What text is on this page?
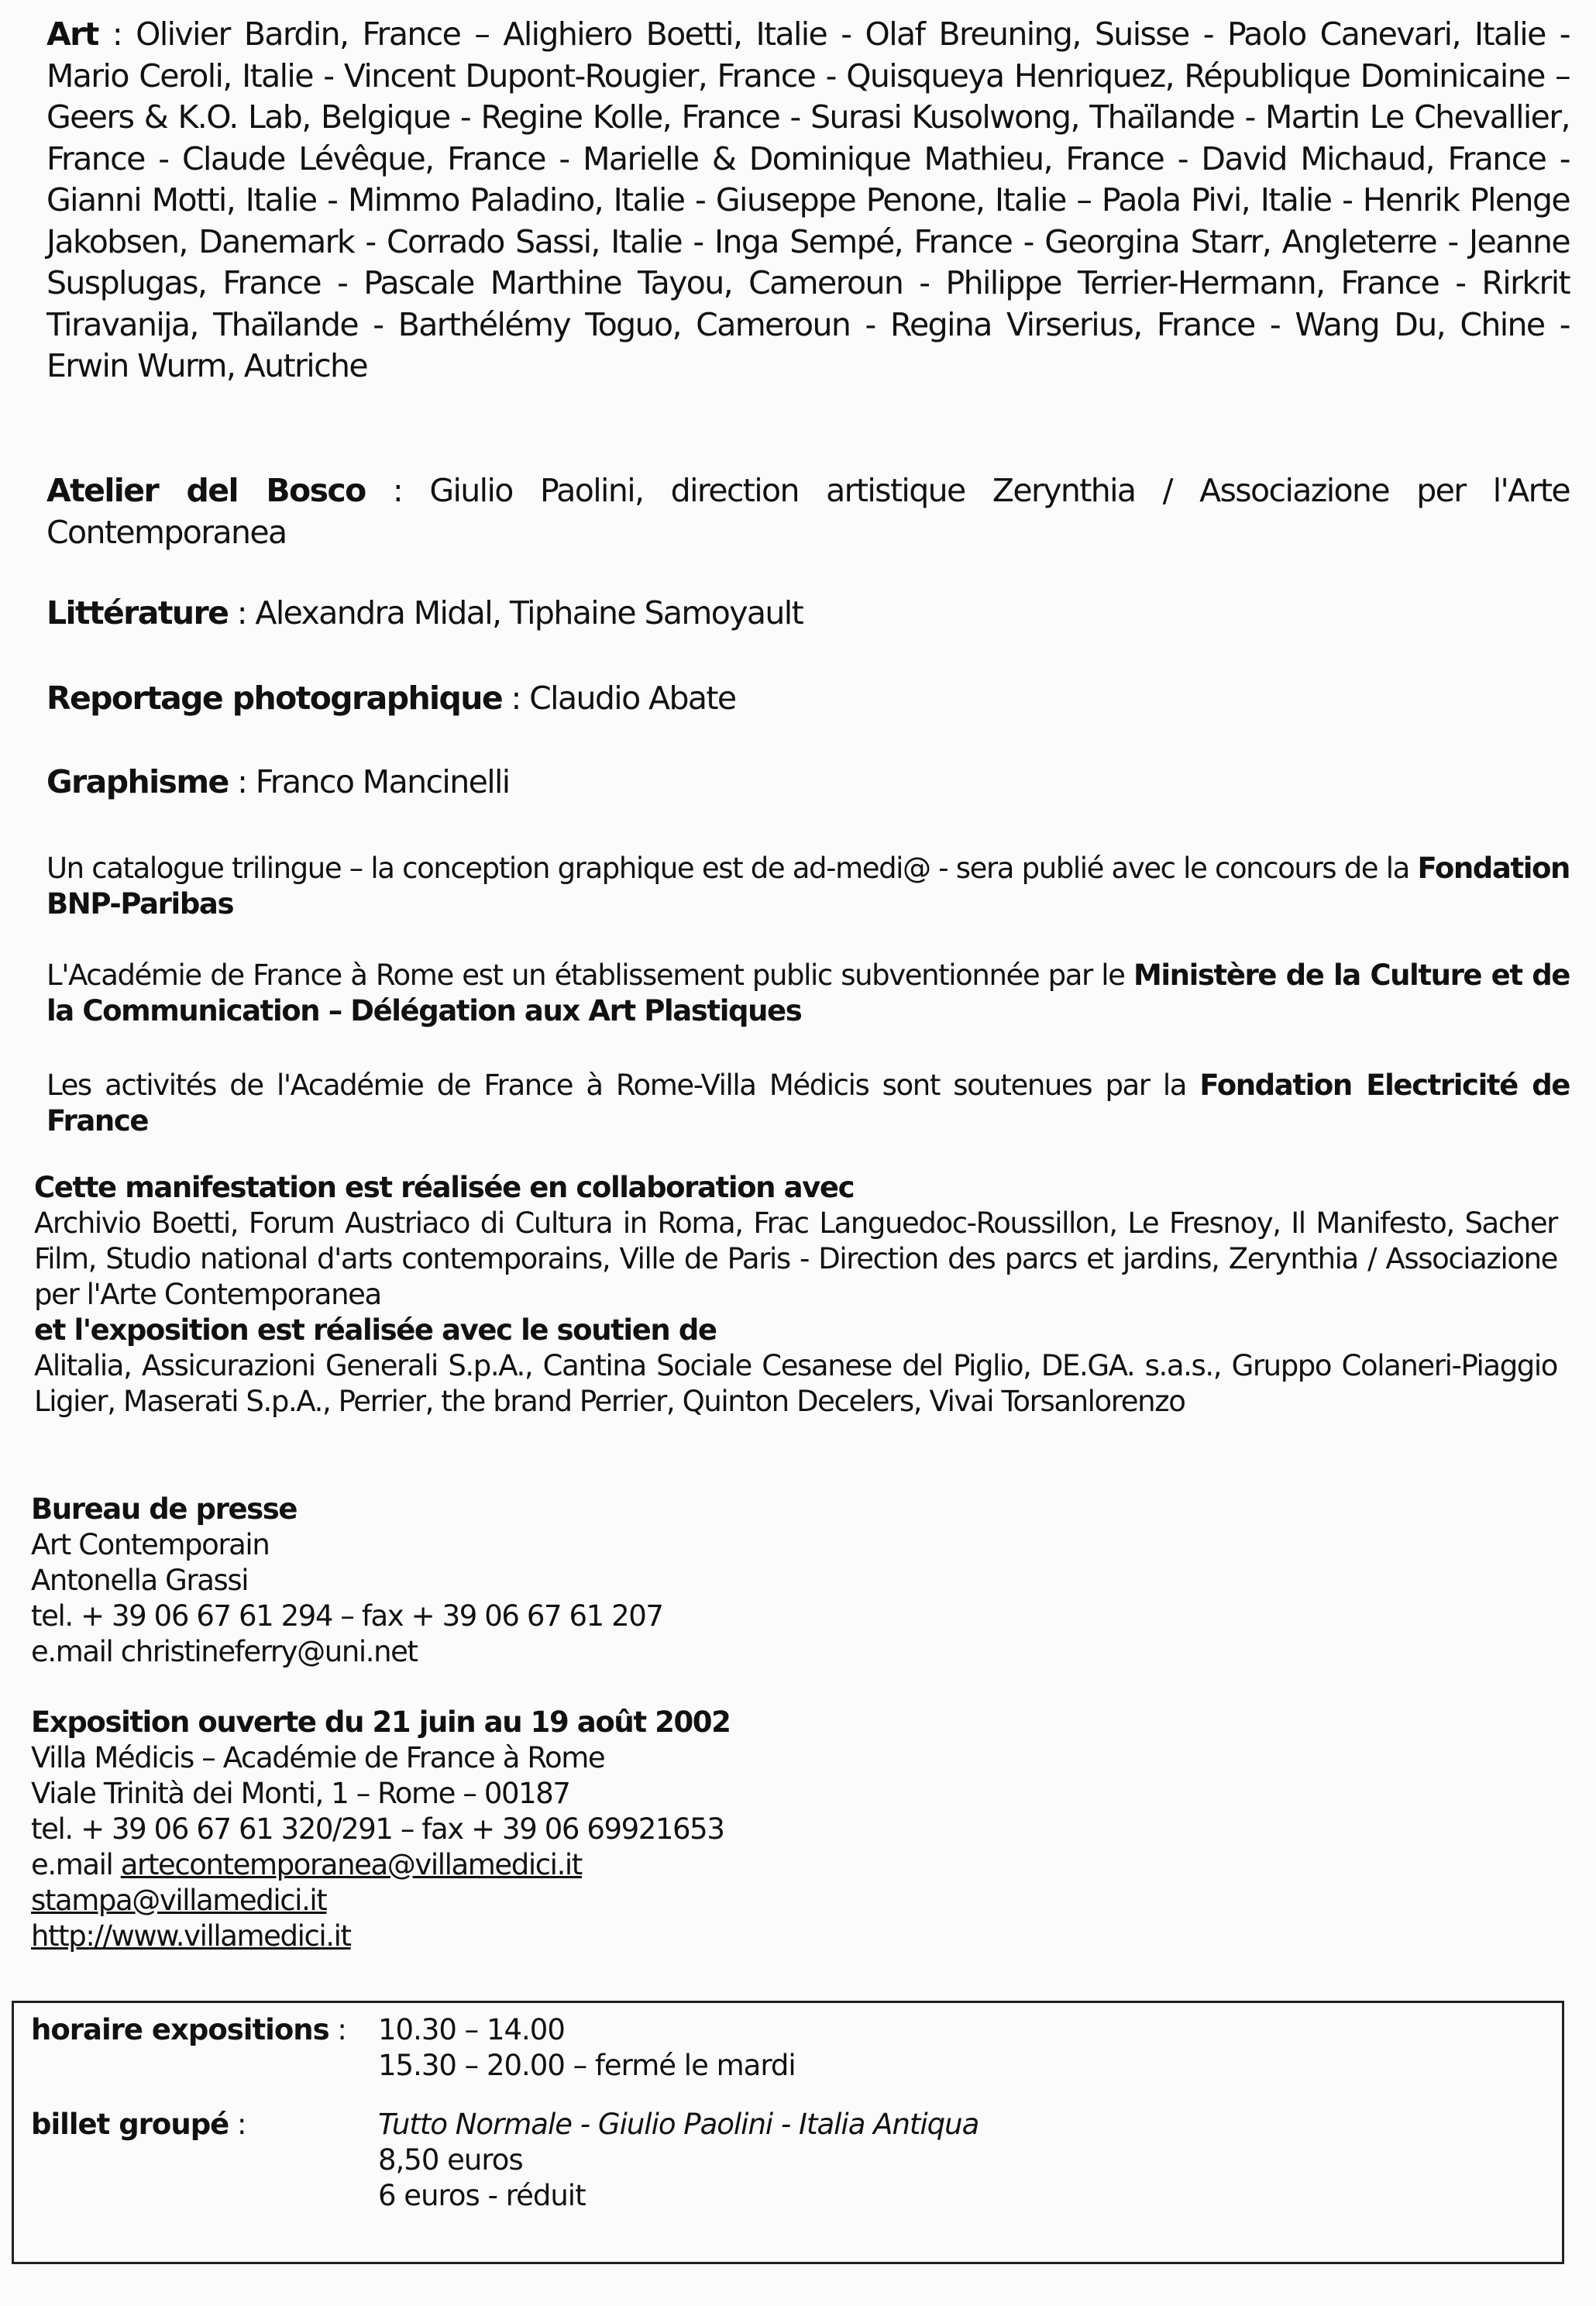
Art : Olivier Bardin, France – Alighiero Boetti, Italie - Olaf Breuning, Suisse - Paolo Canevari, Italie - Mario Ceroli, Italie - Vincent Dupont-Rougier, France - Quisqueya Henriquez, République Dominicaine – Geers & K.O. Lab, Belgique - Regine Kolle, France - Surasi Kusolwong, Thaïlande - Martin Le Chevallier, France - Claude Lévêque, France - Marielle & Dominique Mathieu, France - David Michaud, France - Gianni Motti, Italie - Mimmo Paladino, Italie - Giuseppe Penone, Italie – Paola Pivi, Italie - Henrik Plenge Jakobsen, Danemark - Corrado Sassi, Italie - Inga Sempé, France - Georgina Starr, Angleterre - Jeanne Susplugas, France - Pascale Marthine Tayou, Cameroun - Philippe Terrier-Hermann, France - Rirkrit Tiravanija, Thaïlande - Barthélémy Toguo, Cameroun - Regina Virserius, France - Wang Du, Chine - Erwin Wurm, Autriche
Atelier del Bosco : Giulio Paolini, direction artistique Zerynthia / Associazione per l'Arte Contemporanea
Littérature : Alexandra Midal, Tiphaine Samoyault
Reportage photographique : Claudio Abate
Graphisme : Franco Mancinelli
Un catalogue trilingue – la conception graphique est de ad-medi@ - sera publié avec le concours de la Fondation BNP-Paribas
L'Académie de France à Rome est un établissement public subventionnée par le Ministère de la Culture et de la Communication – Délégation aux Art Plastiques
Les activités de l'Académie de France à Rome-Villa Médicis sont soutenues par la Fondation Electricité de France
Cette manifestation est réalisée en collaboration avec
Archivio Boetti, Forum Austriaco di Cultura in Roma, Frac Languedoc-Roussillon, Le Fresnoy, Il Manifesto, Sacher Film, Studio national d'arts contemporains, Ville de Paris - Direction des parcs et jardins, Zerynthia / Associazione per l'Arte Contemporanea
et l'exposition est réalisée avec le soutien de
Alitalia, Assicurazioni Generali S.p.A., Cantina Sociale Cesanese del Piglio, DE.GA. s.a.s., Gruppo Colaneri-Piaggio Ligier, Maserati S.p.A., Perrier, the brand Perrier, Quinton Decelers, Vivai Torsanlorenzo
Bureau de presse
Art Contemporain
Antonella Grassi
tel. + 39 06 67 61 294 – fax + 39 06 67 61 207
e.mail christineferry@uni.net
Exposition ouverte du 21 juin au 19 août 2002
Villa Médicis – Académie de France à Rome
Viale Trinità dei Monti, 1 – Rome – 00187
tel. + 39 06 67 61 320/291 – fax + 39 06 69921653
e.mail artecontemporanea@villamedici.it
stampa@villamedici.it
http://www.villamedici.it
horaire expositions : 10.30 – 14.00
15.30 – 20.00 – fermé le mardi
billet groupé :	Tutto Normale - Giulio Paolini - Italia Antiqua
8,50 euros
6 euros - réduit
